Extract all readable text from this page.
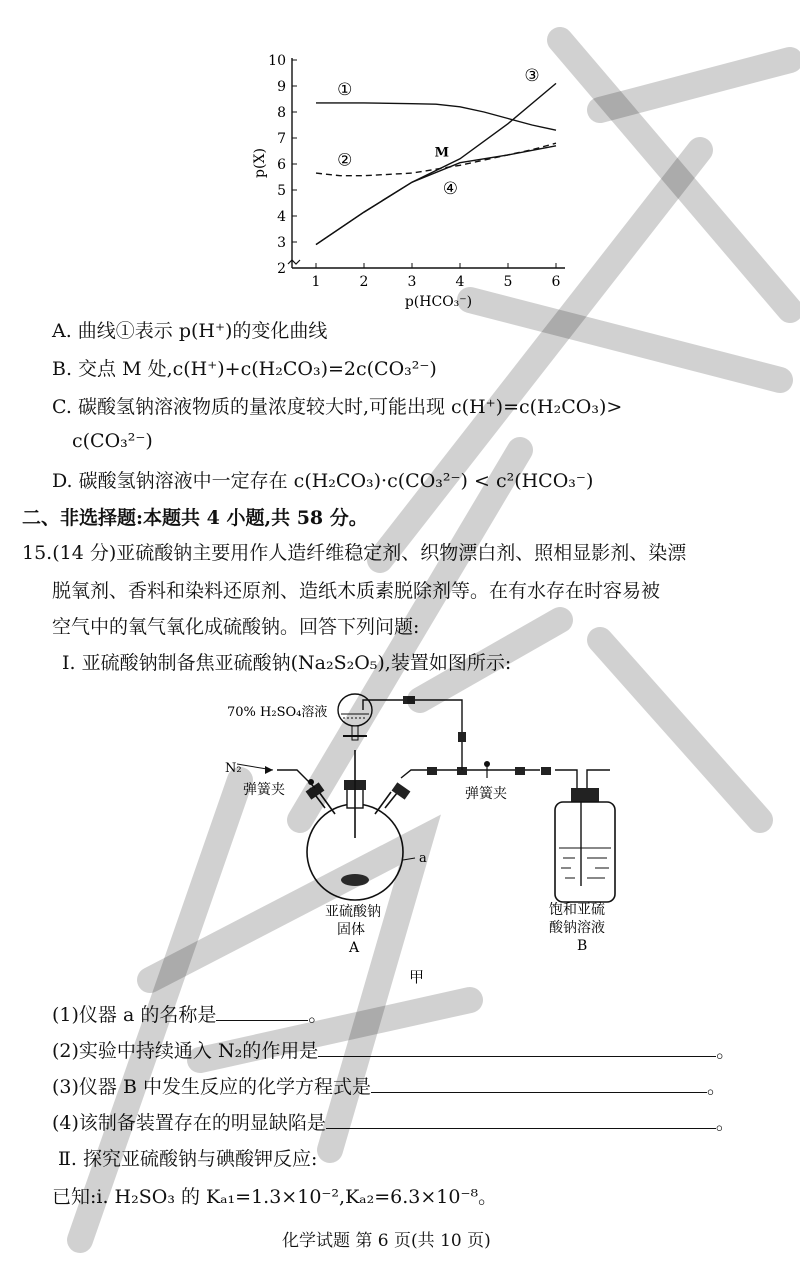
1	2	3	4	5	6
2
3
4
5
6
7
8
9
10
p(HCO₃⁻)
p(X)
①
②
③
④
M
A. 曲线①表示 p(H⁺)的变化曲线
B. 交点 M 处,c(H⁺)+c(H₂CO₃)=2c(CO₃²⁻)
C. 碳酸氢钠溶液物质的量浓度较大时,可能出现 c(H⁺)=c(H₂CO₃)>
c(CO₃²⁻)
D. 碳酸氢钠溶液中一定存在 c(H₂CO₃)·c(CO₃²⁻) < c²(HCO₃⁻)
二、非选择题:本题共 4 小题,共 58 分。
15.(14 分)亚硫酸钠主要用作人造纤维稳定剂、织物漂白剂、照相显影剂、染漂
脱氧剂、香料和染料还原剂、造纸木质素脱除剂等。在有水存在时容易被
空气中的氧气氧化成硫酸钠。回答下列问题:
Ⅰ. 亚硫酸钠制备焦亚硫酸钠(Na₂S₂O₅),装置如图所示:
70% H₂SO₄溶液
N₂
弹簧夹	弹簧夹
a
亚硫酸钠
固体
A
饱和亚硫
酸钠溶液
B
甲
(1)仪器 a 的名称是	。
(2)实验中持续通入 N₂的作用是	。
(3)仪器 B 中发生反应的化学方程式是	。
(4)该制备装置存在的明显缺陷是	。
Ⅱ. 探究亚硫酸钠与碘酸钾反应:
已知:i. H₂SO₃ 的 Kₐ₁=1.3×10⁻²,Kₐ₂=6.3×10⁻⁸。
化学试题 第 6 页(共 10 页)
